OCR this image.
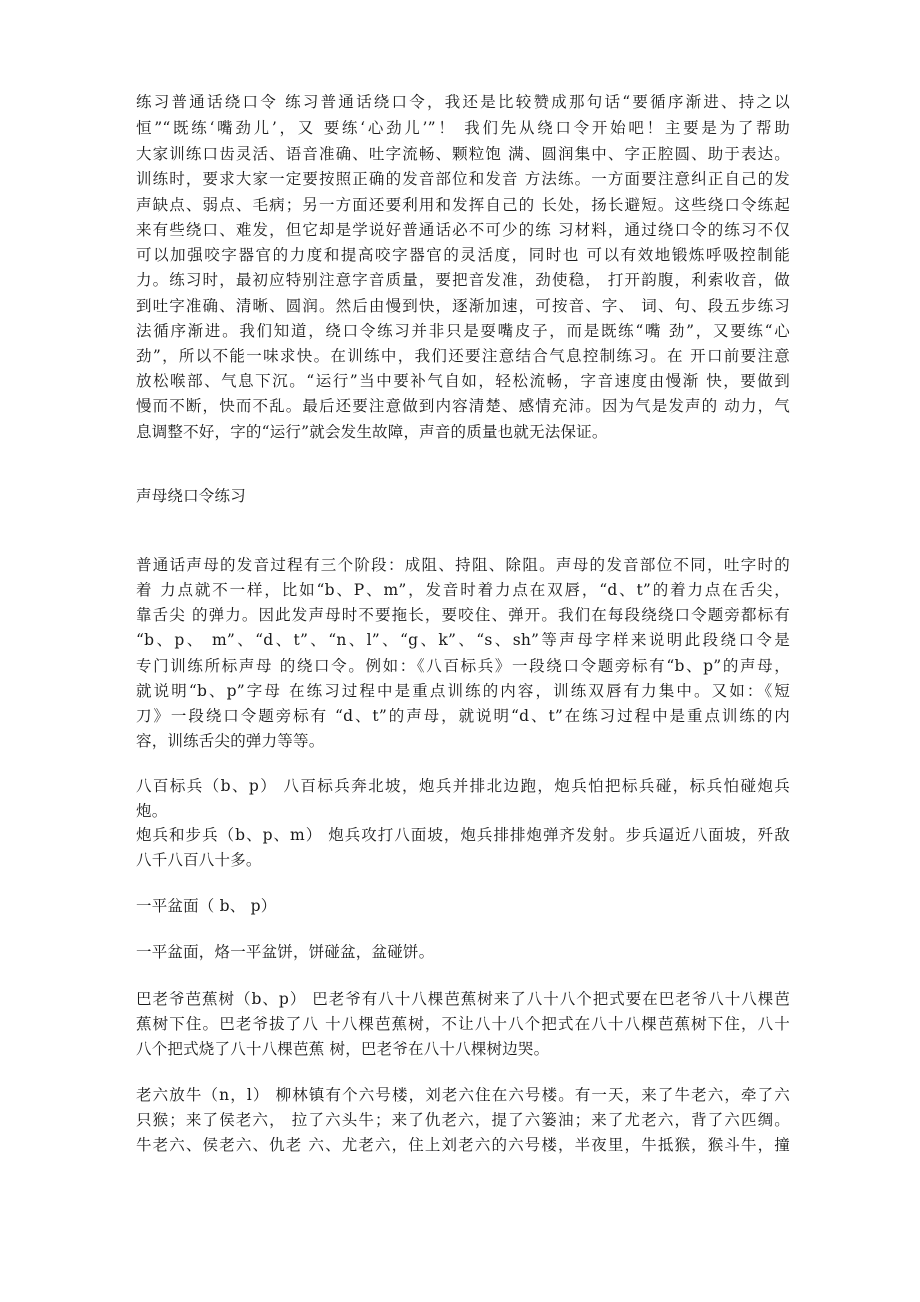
练习普通话绕口令 练习普通话绕口令，我还是比较赞成那句话“要循序渐进、持之以
恒”“既练‘嘴劲儿’，又 要练‘心劲儿’”！ 我们先从绕口令开始吧！主要是为了帮助
大家训练口齿灵活、语音准确、吐字流畅、颗粒饱 满、圆润集中、字正腔圆、助于表达。
训练时，要求大家一定要按照正确的发音部位和发音 方法练。一方面要注意纠正自己的发
声缺点、弱点、毛病；另一方面还要利用和发挥自己的 长处，扬长避短。这些绕口令练起
来有些绕口、难发，但它却是学说好普通话必不可少的练 习材料，通过绕口令的练习不仅
可以加强咬字器官的力度和提高咬字器官的灵活度，同时也 可以有效地锻炼呼吸控制能
力。练习时，最初应特别注意字音质量，要把音发准，劲使稳， 打开韵腹，利索收音，做
到吐字准确、清晰、圆润。然后由慢到快，逐渐加速，可按音、字、 词、句、段五步练习
法循序渐进。我们知道，绕口令练习并非只是耍嘴皮子，而是既练“嘴 劲”，又要练“心
劲”，所以不能一味求快。在训练中，我们还要注意结合气息控制练习。在 开口前要注意
放松喉部、气息下沉。“运行”当中要补气自如，轻松流畅，字音速度由慢渐 快，要做到
慢而不断，快而不乱。最后还要注意做到内容清楚、感情充沛。因为气是发声的 动力，气
息调整不好，字的“运行”就会发生故障，声音的质量也就无法保证。
声母绕口令练习
普通话声母的发音过程有三个阶段：成阻、持阻、除阻。声母的发音部位不同，吐字时的
着 力点就不一样，比如“b、P、m”，发音时着力点在双唇，“d、t”的着力点在舌尖，
靠舌尖 的弹力。因此发声母时不要拖长，要咬住、弹开。我们在每段绕绕口令题旁都标有
“b、p、 m”、“d、t”、“n、l”、“g、k”、“s、sh”等声母字样来说明此段绕口令是
专门训练所标声母 的绕口令。例如：《八百标兵》一段绕口令题旁标有“b、p”的声母，
就说明“b、p”字母 在练习过程中是重点训练的内容，训练双唇有力集中。又如：《短
刀》一段绕口令题旁标有 “d、t”的声母，就说明“d、t”在练习过程中是重点训练的内
容，训练舌尖的弹力等等。
八百标兵（b、p） 八百标兵奔北坡，炮兵并排北边跑，炮兵怕把标兵碰，标兵怕碰炮兵
炮。
炮兵和步兵（b、p、m） 炮兵攻打八面坡，炮兵排排炮弹齐发射。步兵逼近八面坡，歼敌
八千八百八十多。
一平盆面（ b、 p）
一平盆面，烙一平盆饼，饼碰盆，盆碰饼。
巴老爷芭蕉树（b、p） 巴老爷有八十八棵芭蕉树来了八十八个把式要在巴老爷八十八棵芭
蕉树下住。巴老爷拔了八 十八棵芭蕉树，不让八十八个把式在八十八棵芭蕉树下住，八十
八个把式烧了八十八棵芭蕉 树，巴老爷在八十八棵树边哭。
老六放牛（n，l） 柳林镇有个六号楼，刘老六住在六号楼。有一天，来了牛老六，牵了六
只猴；来了侯老六， 拉了六头牛；来了仇老六，提了六篓油；来了尤老六，背了六匹绸。
牛老六、侯老六、仇老 六、尤老六，住上刘老六的六号楼，半夜里，牛抵猴，猴斗牛，撞
